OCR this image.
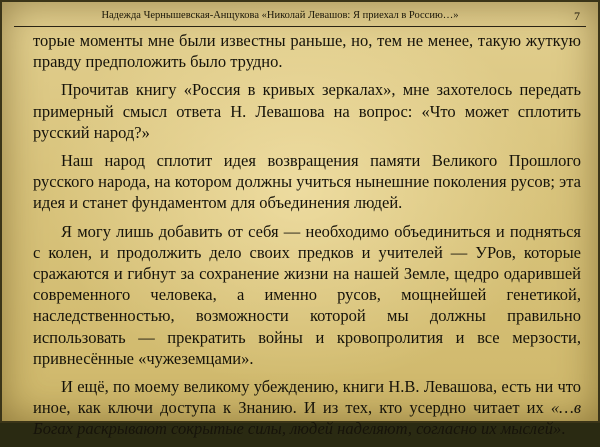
Надежда Чернышевская-Анщукова «Николай Левашов: Я приехал в Россию…»	7

торые моменты мне были известны раньше, но, тем не менее, такую жуткую правду предположить было трудно.

Прочитав книгу «Россия в кривых зеркалах», мне захотелось передать примерный смысл ответа Н. Левашова на вопрос: «Что может сплотить русский народ?»

Наш народ сплотит идея возвращения памяти Великого Прошлого русского народа, на котором должны учиться нынешние поколения русов; эта идея и станет фундаментом для объединения людей.

Я могу лишь добавить от себя — необходимо объединиться и подняться с колен, и продолжить дело своих предков и учителей — УРов, которые сражаются и гибнут за сохранение жизни на нашей Земле, щедро одарившей современного человека, а именно русов, мощнейшей генетикой, наследственностью, возможности которой мы должны правильно использовать — прекратить войны и кровопролития и все мерзости, привнесённые «чужеземцами».

И ещё, по моему великому убеждению, книги Н.В. Левашова, есть ни что иное, как ключи доступа к Знанию. И из тех, кто усердно читает их «…в Богах раскрывают сокрытые силы, людей наделяют, согласно их мыслей».
